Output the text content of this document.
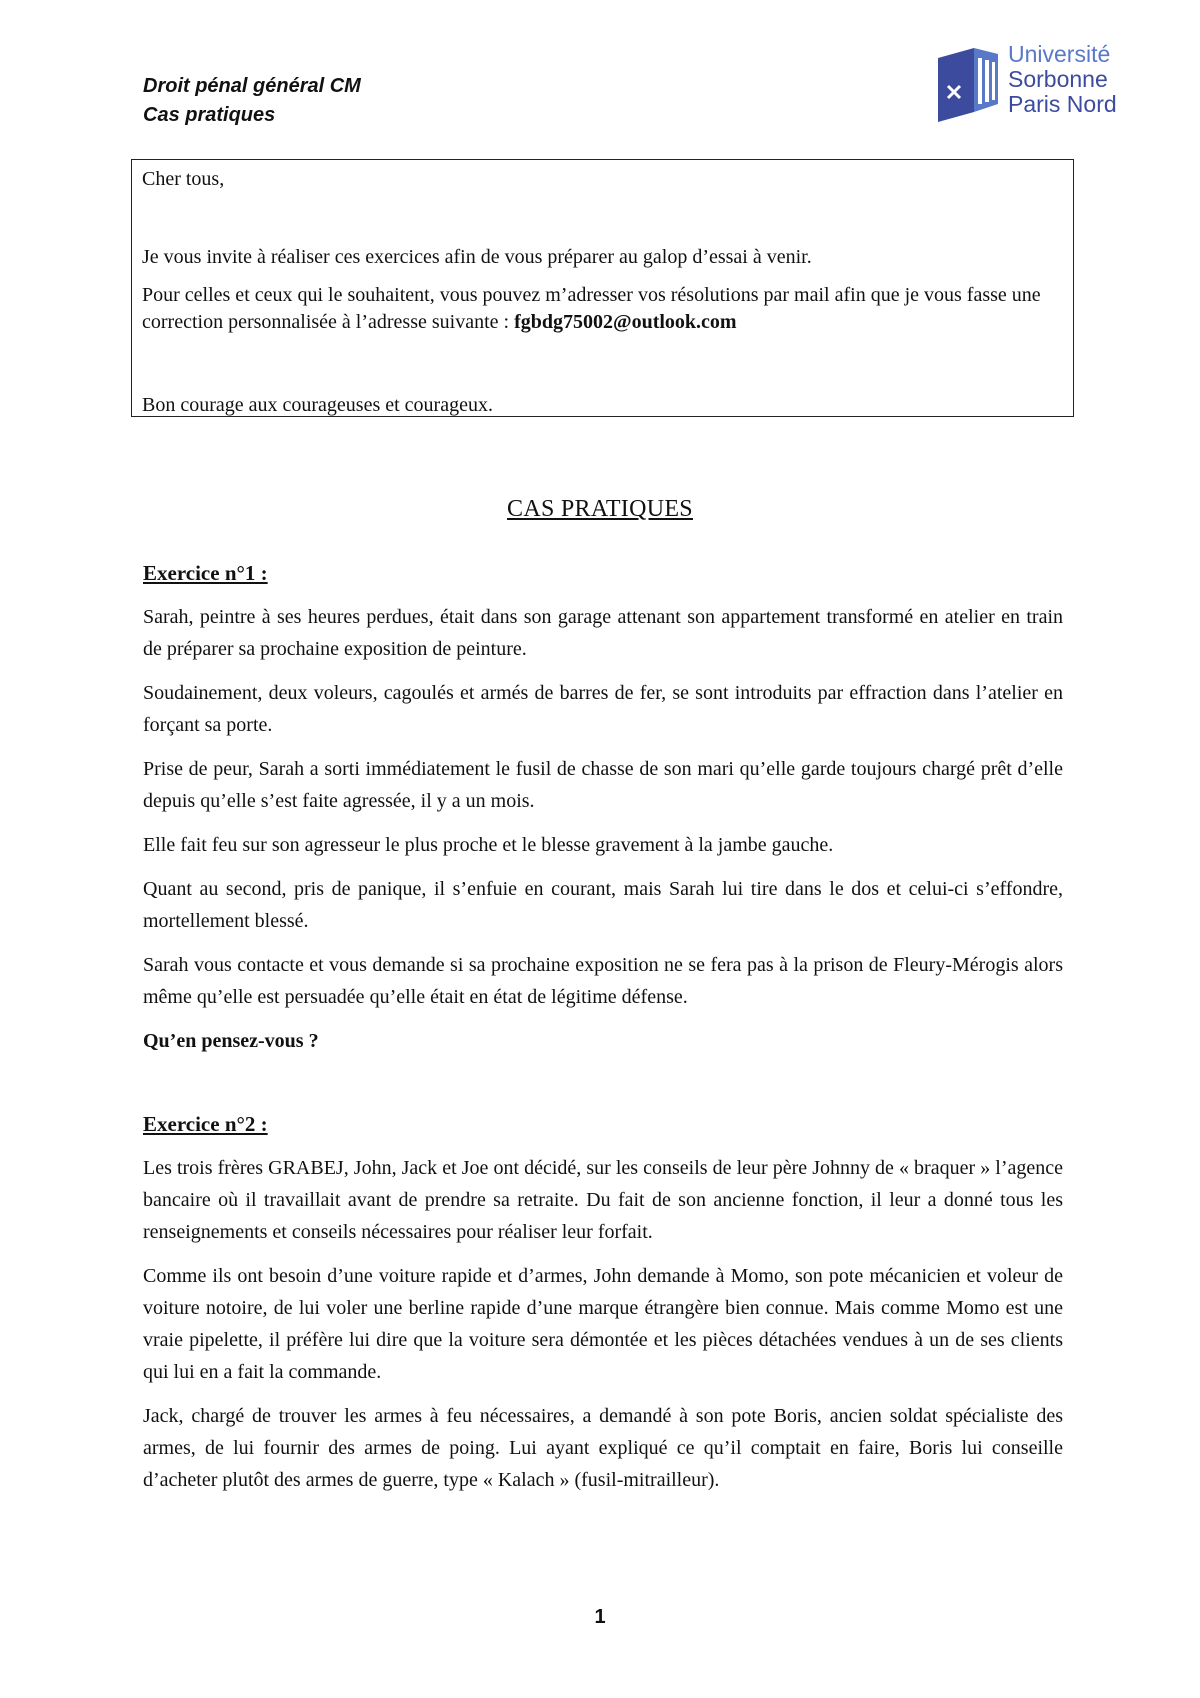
Droit pénal général CM
Cas pratiques
Université
Sorbonne
Paris Nord

Cher tous,

Je vous invite à réaliser ces exercices afin de vous préparer au galop d’essai à venir.

Pour celles et ceux qui le souhaitent, vous pouvez m’adresser vos résolutions par mail afin que je vous fasse une correction personnalisée à l’adresse suivante : fgbdg75002@outlook.com

Bon courage aux courageuses et courageux.

CAS PRATIQUES
Exercice n°1 :

Sarah, peintre à ses heures perdues, était dans son garage attenant son appartement transformé en atelier en train de préparer sa prochaine exposition de peinture.

Soudainement, deux voleurs, cagoulés et armés de barres de fer, se sont introduits par effraction dans l’atelier en forçant sa porte.

Prise de peur, Sarah a sorti immédiatement le fusil de chasse de son mari qu’elle garde toujours chargé prêt d’elle depuis qu’elle s’est faite agressée, il y a un mois.

Elle fait feu sur son agresseur le plus proche et le blesse gravement à la jambe gauche.

Quant au second, pris de panique, il s’enfuie en courant, mais Sarah lui tire dans le dos et celui-ci s’effondre, mortellement blessé.

Sarah vous contacte et vous demande si sa prochaine exposition ne se fera pas à la prison de Fleury-Mérogis alors même qu’elle est persuadée qu’elle était en état de légitime défense.

Qu’en pensez-vous ?

Exercice n°2 :

Les trois frères GRABEJ, John, Jack et Joe ont décidé, sur les conseils de leur père Johnny de « braquer » l’agence bancaire où il travaillait avant de prendre sa retraite. Du fait de son ancienne fonction, il leur a donné tous les renseignements et conseils nécessaires pour réaliser leur forfait.

Comme ils ont besoin d’une voiture rapide et d’armes, John demande à Momo, son pote mécanicien et voleur de voiture notoire, de lui voler une berline rapide d’une marque étrangère bien connue. Mais comme Momo est une vraie pipelette, il préfère lui dire que la voiture sera démontée et les pièces détachées vendues à un de ses clients qui lui en a fait la commande.

Jack, chargé de trouver les armes à feu nécessaires, a demandé à son pote Boris, ancien soldat spécialiste des armes, de lui fournir des armes de poing. Lui ayant expliqué ce qu’il comptait en faire, Boris lui conseille d’acheter plutôt des armes de guerre, type « Kalach » (fusil-mitrailleur).

1
